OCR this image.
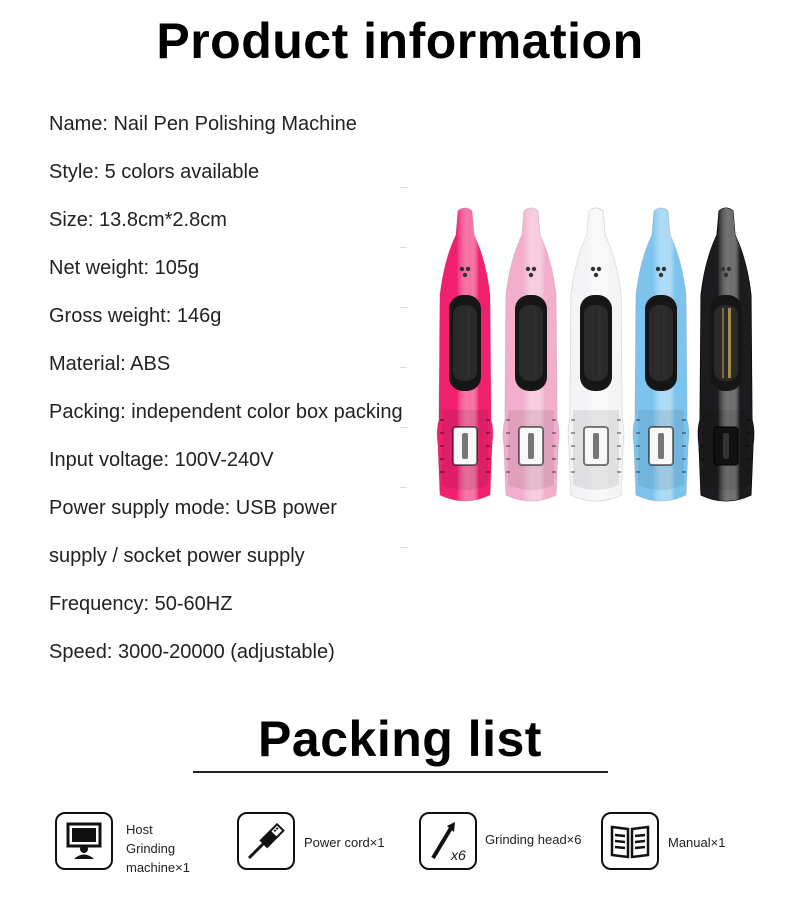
Product information
Name: Nail Pen Polishing Machine
Style: 5 colors available
Size: 13.8cm*2.8cm
Net weight: 105g
Gross weight: 146g
Material: ABS
Packing: independent color box packing
Input voltage: 100V-240V
Power supply mode: USB power
supply / socket power supply
Frequency: 50-60HZ
Speed: 3000-20000 (adjustable)
Packing list
Host
Grinding
machine×1
Power cord×1
x6
Grinding head×6	Manual×1
